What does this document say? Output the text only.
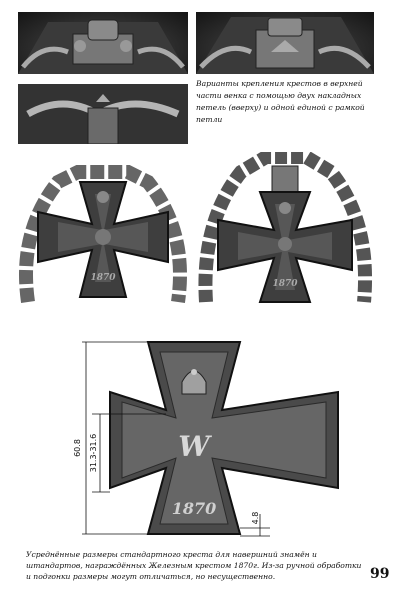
1870
1870
Варианты крепления крестов в верхней части венка с помощью двух накладных петель (вверху) и одной единой с рамкой петли
W
1870
60.8 31.3-31.6
4.8
Усреднённые размеры стандартного креста для навершний знамён и штандартов, награждённых Железным крестом 1870г. Из-за ручной обработки и подгонки размеры могут отличаться, но несущественно.	99
